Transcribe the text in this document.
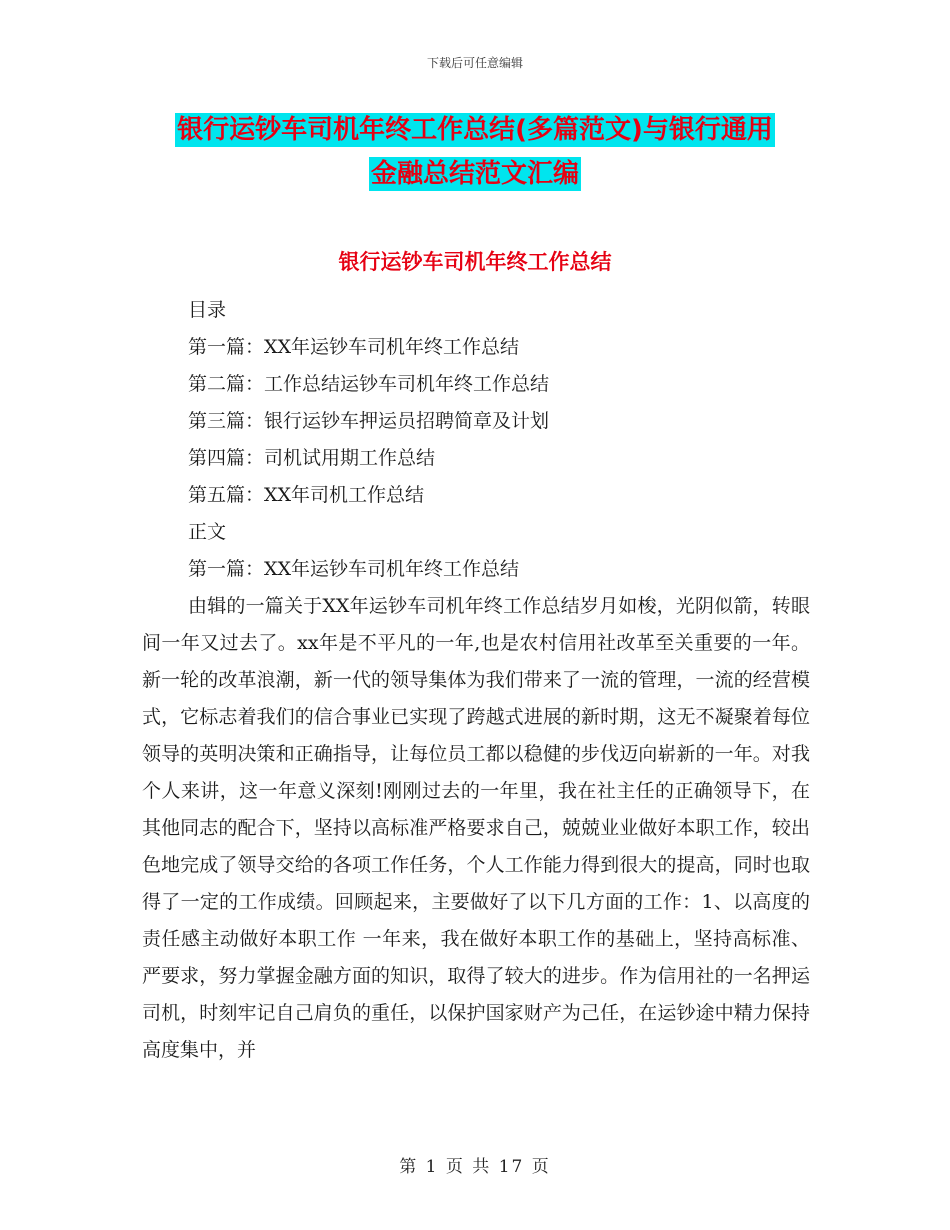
下载后可任意编辑
银行运钞车司机年终工作总结(多篇范文)与银行通用
金融总结范文汇编
银行运钞车司机年终工作总结
目录
第一篇：XX年运钞车司机年终工作总结
第二篇：工作总结运钞车司机年终工作总结
第三篇：银行运钞车押运员招聘简章及计划
第四篇：司机试用期工作总结
第五篇：XX年司机工作总结
正文
第一篇：XX年运钞车司机年终工作总结

由辑的一篇关于XX年运钞车司机年终工作总结岁月如梭，光阴似箭，转眼间一年又过去了。xx年是不平凡的一年,也是农村信用社改革至关重要的一年。新一轮的改革浪潮，新一代的领导集体为我们带来了一流的管理，一流的经营模式，它标志着我们的信合事业已实现了跨越式进展的新时期，这无不凝聚着每位领导的英明决策和正确指导，让每位员工都以稳健的步伐迈向崭新的一年。对我个人来讲，这一年意义深刻!刚刚过去的一年里，我在社主任的正确领导下，在其他同志的配合下，坚持以高标准严格要求自己，兢兢业业做好本职工作，较出色地完成了领导交给的各项工作任务，个人工作能力得到很大的提高，同时也取得了一定的工作成绩。回顾起来，主要做好了以下几方面的工作：1、以高度的责任感主动做好本职工作 一年来，我在做好本职工作的基础上，坚持高标准、严要求，努力掌握金融方面的知识，取得了较大的进步。作为信用社的一名押运司机，时刻牢记自己肩负的重任，以保护国家财产为己任，在运钞途中精力保持高度集中，并

第 1 页 共 17 页
